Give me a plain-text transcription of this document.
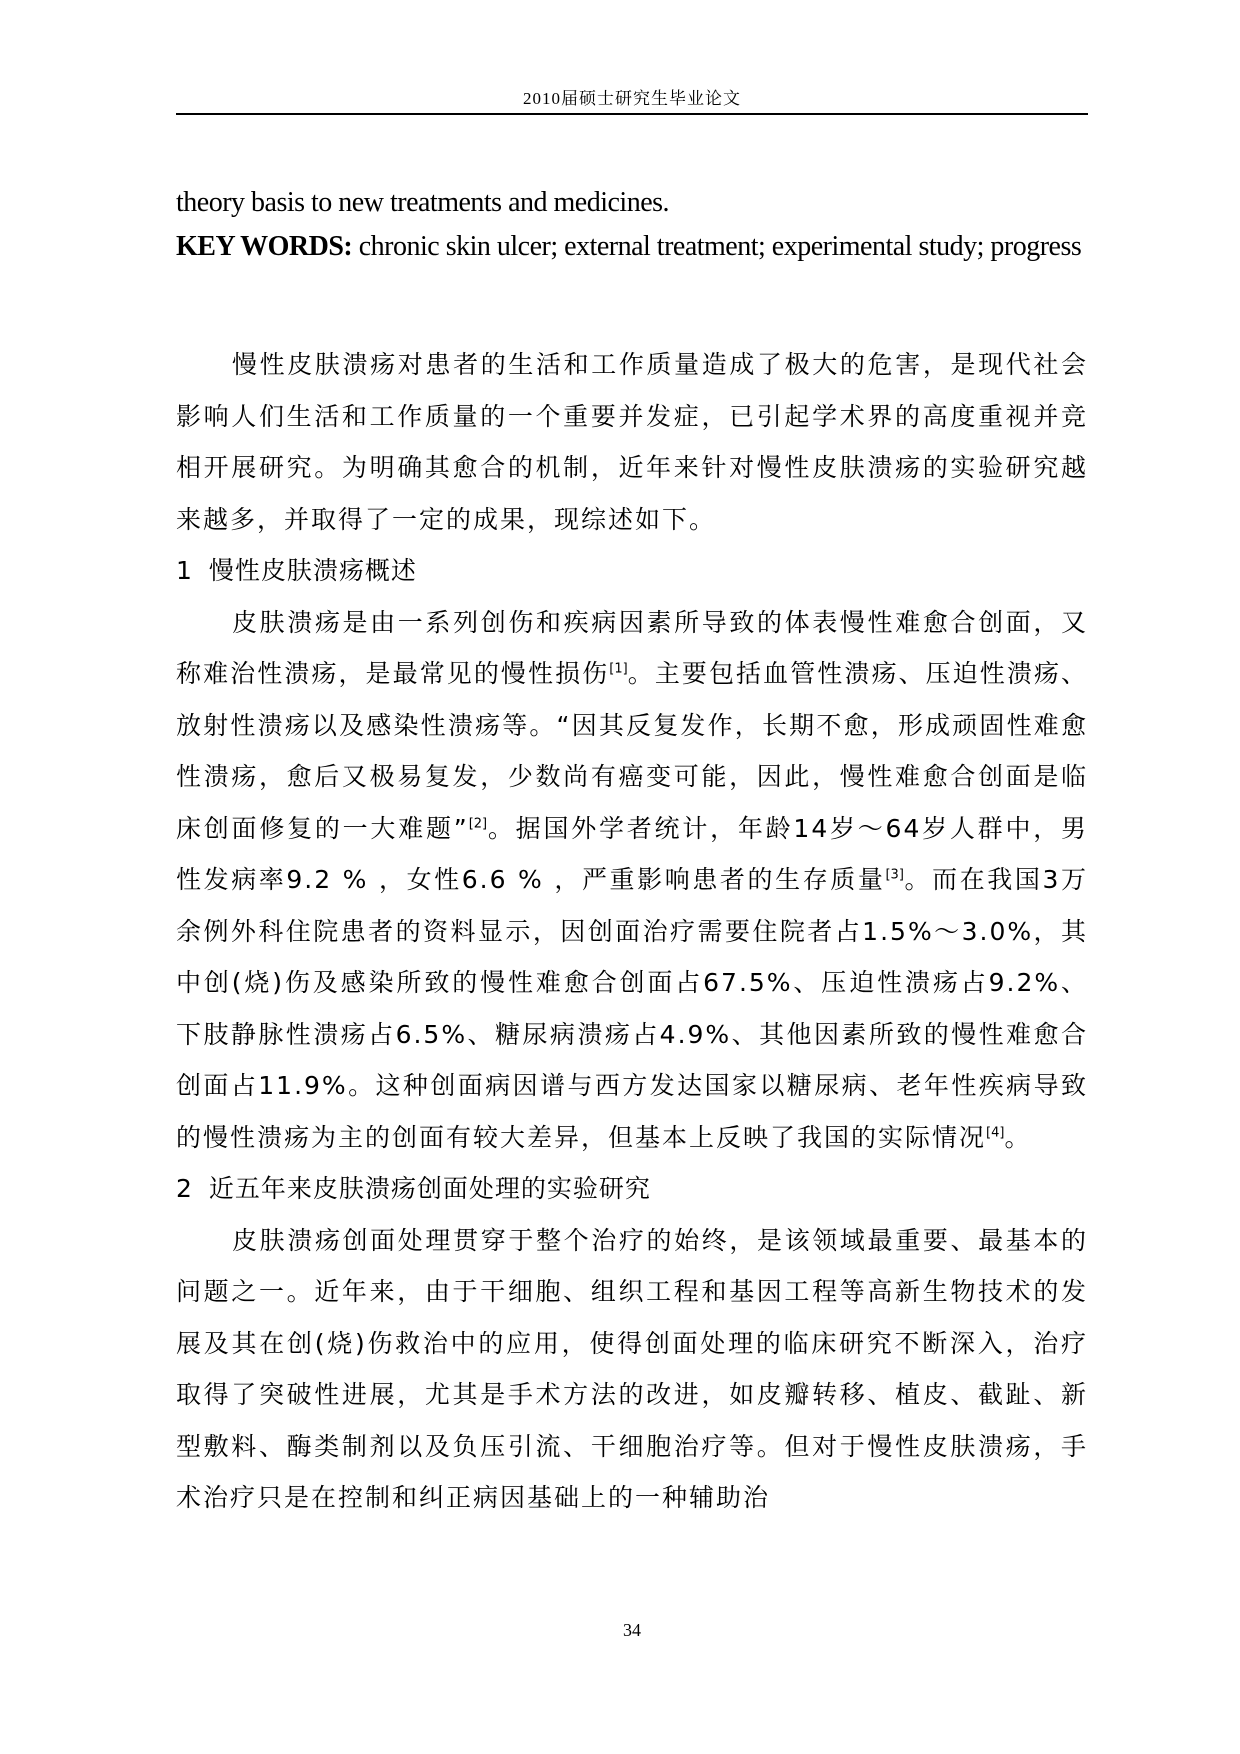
2010届硕士研究生毕业论文

theory basis to new treatments and medicines.

KEY WORDS: chronic skin ulcer; external treatment; experimental study; progress

慢性皮肤溃疡对患者的生活和工作质量造成了极大的危害，是现代社会影响人们生活和工作质量的一个重要并发症，已引起学术界的高度重视并竞相开展研究。为明确其愈合的机制，近年来针对慢性皮肤溃疡的实验研究越来越多，并取得了一定的成果，现综述如下。

1 慢性皮肤溃疡概述

皮肤溃疡是由一系列创伤和疾病因素所导致的体表慢性难愈合创面，又称难治性溃疡，是最常见的慢性损伤[1]。主要包括血管性溃疡、压迫性溃疡、放射性溃疡以及感染性溃疡等。“因其反复发作，长期不愈，形成顽固性难愈性溃疡，愈后又极易复发，少数尚有癌变可能，因此，慢性难愈合创面是临床创面修复的一大难题”[2]。据国外学者统计，年龄14岁～64岁人群中，男性发病率9.2 % ，女性6.6 % ，严重影响患者的生存质量[3]。而在我国3万余例外科住院患者的资料显示，因创面治疗需要住院者占1.5%～3.0%，其中创(烧)伤及感染所致的慢性难愈合创面占67.5%、压迫性溃疡占9.2%、下肢静脉性溃疡占6.5%、糖尿病溃疡占4.9%、其他因素所致的慢性难愈合创面占11.9%。这种创面病因谱与西方发达国家以糖尿病、老年性疾病导致的慢性溃疡为主的创面有较大差异，但基本上反映了我国的实际情况[4]。

2 近五年来皮肤溃疡创面处理的实验研究

皮肤溃疡创面处理贯穿于整个治疗的始终，是该领域最重要、最基本的问题之一。近年来，由于干细胞、组织工程和基因工程等高新生物技术的发展及其在创(烧)伤救治中的应用，使得创面处理的临床研究不断深入，治疗取得了突破性进展，尤其是手术方法的改进，如皮瓣转移、植皮、截趾、新型敷料、酶类制剂以及负压引流、干细胞治疗等。但对于慢性皮肤溃疡，手术治疗只是在控制和纠正病因基础上的一种辅助治

34
